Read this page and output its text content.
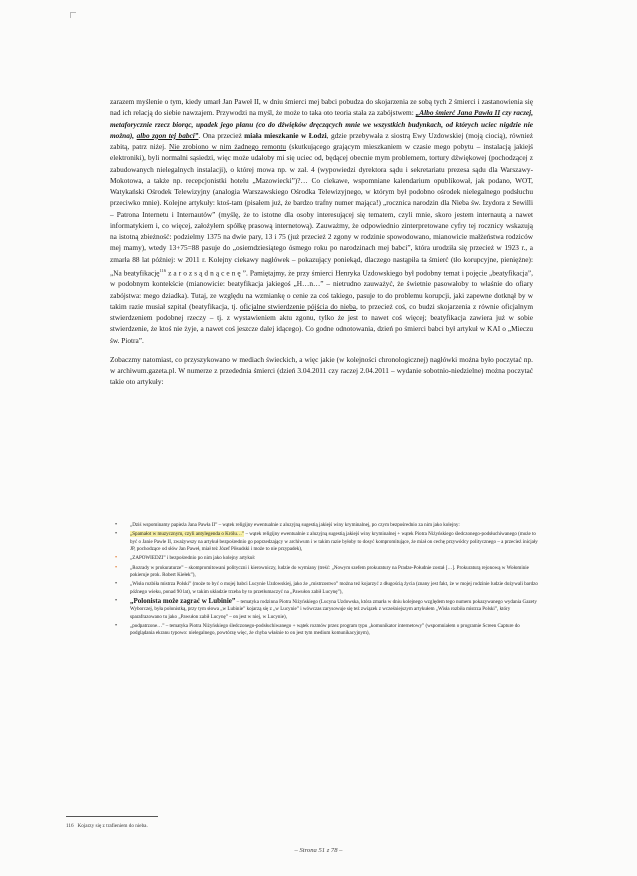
zarazem myślenie o tym, kiedy umarł Jan Paweł II, w dniu śmierci mej babci pobudza do skojarzenia ze sobą tych 2 śmierci i zastanowienia się nad ich relacją do siebie nawzajem. Przywodzi na myśl, że może to taka oto teoria stała za zabójstwem: „Albo śmierć Jana Pawła II czy raczej, metaforycznie rzecz biorąc, upadek jego planu (co do dźwięków dręczących mnie we wszystkich budynkach, od których uciec nigdzie nie można), albo zgon tej babci”. Ona przecież miała mieszkanie w Łodzi, gdzie przebywała z siostrą Ewy Uzdowskiej (moją ciocią), również zabitą, patrz niżej. Nie zrobiono w nim żadnego remontu (skutkującego grającym mieszkaniem w czasie mego pobytu – instalacją jakiejś elektroniki), byli normalni sąsiedzi, więc może udałoby mi się uciec od, będącej obecnie mym problemem, tortury dźwiękowej (pochodzącej z zabudowanych nielegalnych instalacji), o której mowa np. w zał. 4 (wypowiedzi dyrektora sądu i sekretariatu prezesa sądu dla Warszawy-Mokotowa, a także np. recepcjonistki hotelu „Mazowiecki”)?… Co ciekawe, wspomniane kalendarium opublikował, jak podano, WOT, Watykański Ośrodek Telewizyjny (analogia Warszawskiego Ośrodka Telewizyjnego, w którym był podobno ośrodek nielegalnego podsłuchu przeciwko mnie). Kolejne artykuły: ktoś-tam (pisałem już, że bardzo trafny numer mająca!) „rocznica narodzin dla Nieba św. Izydora z Sewilli – Patrona Internetu i Internautów” (myślę, że to istotne dla osoby interesującej się tematem, czyli mnie, skoro jestem internautą a nawet informatykiem i, co więcej, założyłem spółkę prasową internetową). Zauważmy, że odpowiednio zinterpretowane cyfry tej rocznicy wskazują na istotną zbieżność: podzielmy 1375 na dwie pary, 13 i 75 (już przecież 2 zgony w rodzinie spowodowano, mianowicie małżeństwa rodziców mej mamy), wtedy 13+75=88 pasuje do „osiemdziesiątego ósmego roku po narodzinach mej babci”, która urodziła się przecież w 1923 r., a zmarła 88 lat później: w 2011 r. Kolejny ciekawy nagłówek – pokazujący poniekąd, dlaczego nastąpiła ta śmierć (tło korupcyjne, pieniężne): „Na beatyfikację$^{116}$ z a r o z s ą d n ą c e n ę ”. Pamiętajmy, że przy śmierci Henryka Uzdowskiego był podobny temat i pojęcie „beatyfikacja”, w podobnym kontekście (mianowicie: beatyfikacja jakiegoś „H…n…” – nietrudno zauważyć, że świetnie pasowałoby to właśnie do ofiary zabójstwa: mego dziadka). Tutaj, ze względu na wzmiankę o cenie za coś takiego, pasuje to do problemu korupcji, jaki zapewne dotknął by w takim razie musiał szpital (beatyfikacja, tj. oficjalne stwierdzenie pójścia do nieba, to przecież coś, co budzi skojarzenia z równie oficjalnym stwierdzeniem podobnej rzeczy – tj. z wystawieniem aktu zgonu, tylko że jest to nawet coś więcej; beatyfikacja zawiera już w sobie stwierdzenie, że ktoś nie żyje, a nawet coś jeszcze dalej idącego). Co godne odnotowania, dzień po śmierci babci był artykuł w KAI o „Mieczu św. Piotra”.

Zobaczmy natomiast, co przyszykowano w mediach świeckich, a więc jakie (w kolejności chronologicznej) nagłówki można było poczytać np. w archiwum.gazeta.pl. W numerze z przedednia śmierci (dzień 3.04.2011 czy raczej 2.04.2011 – wydanie sobotnio-niedzielne) można poczytać takie oto artykuły:

•	„Dziś wspominamy papieża Jana Pawła II” – wątek religijny ewentualnie z aluzyjną sugestią jakiejś winy kryminalnej, po czym bezpośrednio za nim jako kolejny:
•	„Spamałot w muzycznym, czyli antylegenda o Królu…” – wątek religijny ewentualnie z aluzyjną sugestią jakiejś winy kryminalnej + wątek Piotra Niżyńskiego śledczonego-podsłuchiwanego (może to być o Janie Pawle II, zważywszy na artykuł bezpośrednio go poprzedzający w archiwum i w takim razie byłoby to dosyć kompromitujące, że miał on cechę przywódcy politycznego – a przecież inicjały JP, pochodzące od słów Jan Paweł, miał też Józef Piłsudski i może to nie przypadek),
•	„ZAPOWIEDZI” i bezpośrednio po nim jako kolejny artykuł:
•	„Rozrady w prokuraturze” – skompromitowani polityczni i kierowniczy, ludzie do wymiany (treść: „Nowym szefem prokuratury na Pradze-Południe został […]. Prokuraturą rejonową w Wołominie pokieruje prok. Robert Kiełek”),
•	„Wisła rozbiła mistrza Polski” (może to być o mojej babci Lucynie Uzdowskiej, jako że „mistrzostwo” można też kojarzyć z długością życia (znany jest fakt, że w mojej rodzinie ludzie dożywali bardzo późnego wieku, ponad 90 lat), w takim układzie trzeba by to przetłumaczyć na „Pawułon zabił Lucynę”),
• „Polonista może zagrać w Lubinie” – tematyka rodzinna Piotra Niżyńskiego (Lucyna Uzdowska, która zmarła w dniu kolejnego względem tego numeru pokazywanego wydania Gazety Wyborczej, była polonistką, przy tym słowa „w Lubinie” kojarzą się z „w Lucynie” i wówczas zarysowuje się też związek z wcześniejszym artykułem „Wisła rozbiła mistrza Polski”, który sparafrazowano tu jako „Pawułon zabił Lucynę” – on jest w niej, w Lucynie),
•	„podpatrzone…” – tematyka Piotra Niżyńskiego śledczonego-podsłuchiwanego + wątek rozmów przez program typu „komunikator internetowy” (wspomniałem o programie Screen Capture do podglądania ekranu typowo: nielegalnego, powtórzę więc, że chyba właśnie to on jest tym medium komunikacyjnym),
116 Kojarzy się z trafieniem do nieba.
– Strona 51 z 78 –
